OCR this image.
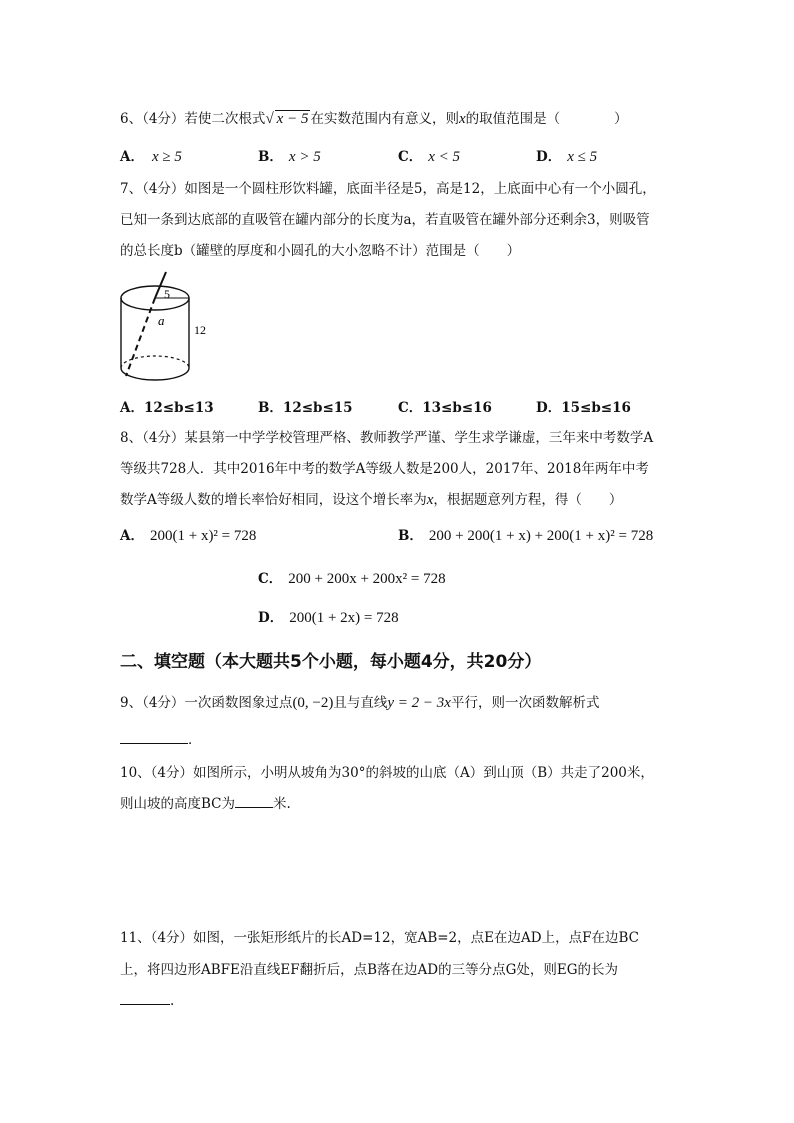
6、（4分）若使二次根式√ x − 5 在实数范围内有意义，则x的取值范围是（　　　　）
A． x ≥ 5	B． x > 5	C． x < 5	D． x ≤ 5
7、（4分）如图是一个圆柱形饮料罐，底面半径是5，高是12，上底面中心有一个小圆孔，
已知一条到达底部的直吸管在罐内部分的长度为a，若直吸管在罐外部分还剩余3，则吸管
的总长度b（罐壁的厚度和小圆孔的大小忽略不计）范围是（　　）
5
a
12
A．12≤b≤13	B．12≤b≤15	C．13≤b≤16	D．15≤b≤16
8、（4分）某县第一中学学校管理严格、教师教学严谨、学生求学谦虚，三年来中考数学A
等级共728人．其中2016年中考的数学A等级人数是200人，2017年、2018年两年中考
数学A等级人数的增长率恰好相同，设这个增长率为x，根据题意列方程，得（　　）
A． 200(1 + x)² = 728	B． 200 + 200(1 + x) + 200(1 + x)² = 728
C． 200 + 200x + 200x² = 728
D． 200(1 + 2x) = 728
二、填空题（本大题共5个小题，每小题4分，共20分）
9、（4分）一次函数图象过点(0, −2)且与直线y = 2 − 3x平行，则一次函数解析式
．
10、（4分）如图所示，小明从坡角为30°的斜坡的山底（A）到山顶（B）共走了200米，
则山坡的高度BC为	米.
11、（4分）如图，一张矩形纸片的长AD=12，宽AB=2，点E在边AD上，点F在边BC
上，将四边形ABFE沿直线EF翻折后，点B落在边AD的三等分点G处，则EG的长为
.
